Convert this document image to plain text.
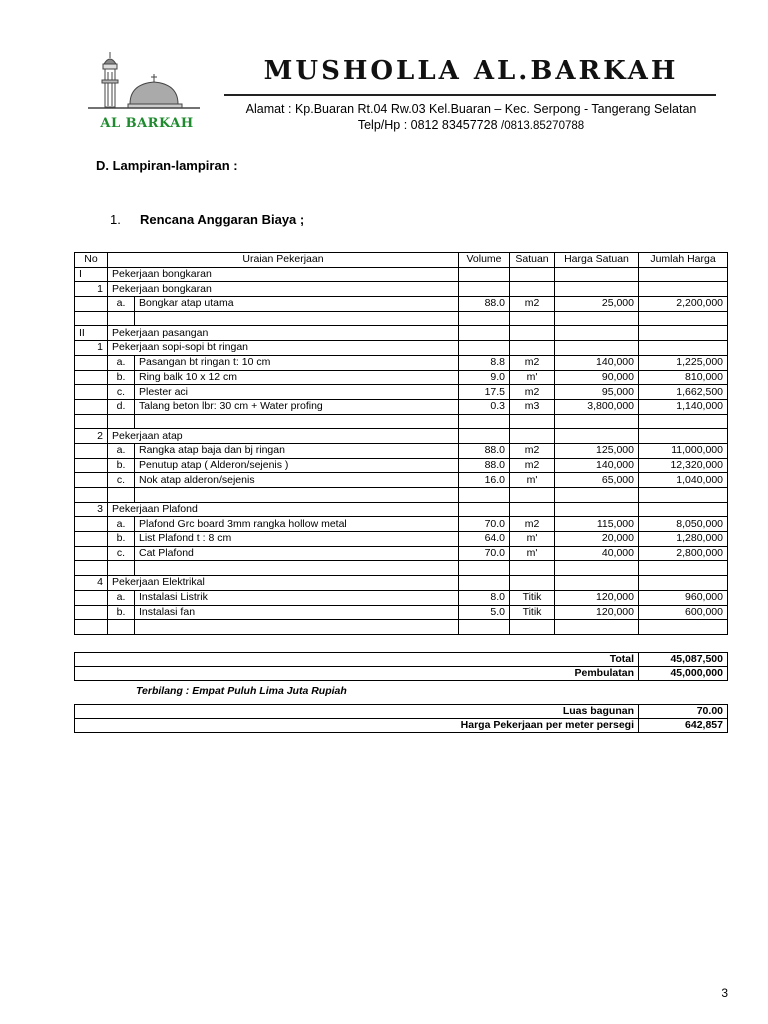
AL BARKAH
MUSHOLLA AL.BARKAH
Alamat : Kp.Buaran Rt.04 Rw.03 Kel.Buaran – Kec. Serpong - Tangerang Selatan
Telp/Hp : 0812 83457728 /0813.85270788
D. Lampiran-lampiran :
1. Rencana Anggaran Biaya ;
No	Uraian Pekerjaan		Volume	Satuan	Harga Satuan	Jumlah Harga
I	Pekerjaan bongkaran					
1	Pekerjaan bongkaran					
	a.	Bongkar atap utama	88.0	m2	25,000	2,200,000

II	Pekerjaan pasangan					
1	Pekerjaan sopi-sopi bt ringan					
	a.	Pasangan bt ringan t: 10 cm	8.8	m2	140,000	1,225,000
	b.	Ring balk 10 x 12 cm	9.0	m'	90,000	810,000
	c.	Plester aci	17.5	m2	95,000	1,662,500
	d.	Talang beton lbr: 30 cm + Water profing	0.3	m3	3,800,000	1,140,000

2	Pekerjaan atap					
	a.	Rangka atap baja dan bj ringan	88.0	m2	125,000	11,000,000
	b.	Penutup atap ( Alderon/sejenis )	88.0	m2	140,000	12,320,000
	c.	Nok atap alderon/sejenis	16.0	m'	65,000	1,040,000

3	Pekerjaan Plafond					
	a.	Plafond Grc board 3mm rangka hollow metal	70.0	m2	115,000	8,050,000
	b.	List Plafond t : 8 cm	64.0	m'	20,000	1,280,000
	c.	Cat Plafond	70.0	m'	40,000	2,800,000

4	Pekerjaan Elektrikal					
	a.	Instalasi Listrik	8.0	Titik	120,000	960,000
	b.	Instalasi fan	5.0	Titik	120,000	600,000

Total	45,087,500
Pembulatan	45,000,000
Terbilang : Empat Puluh Lima Juta Rupiah
Luas bagunan	70.00
Harga Pekerjaan per meter persegi	642,857
3
